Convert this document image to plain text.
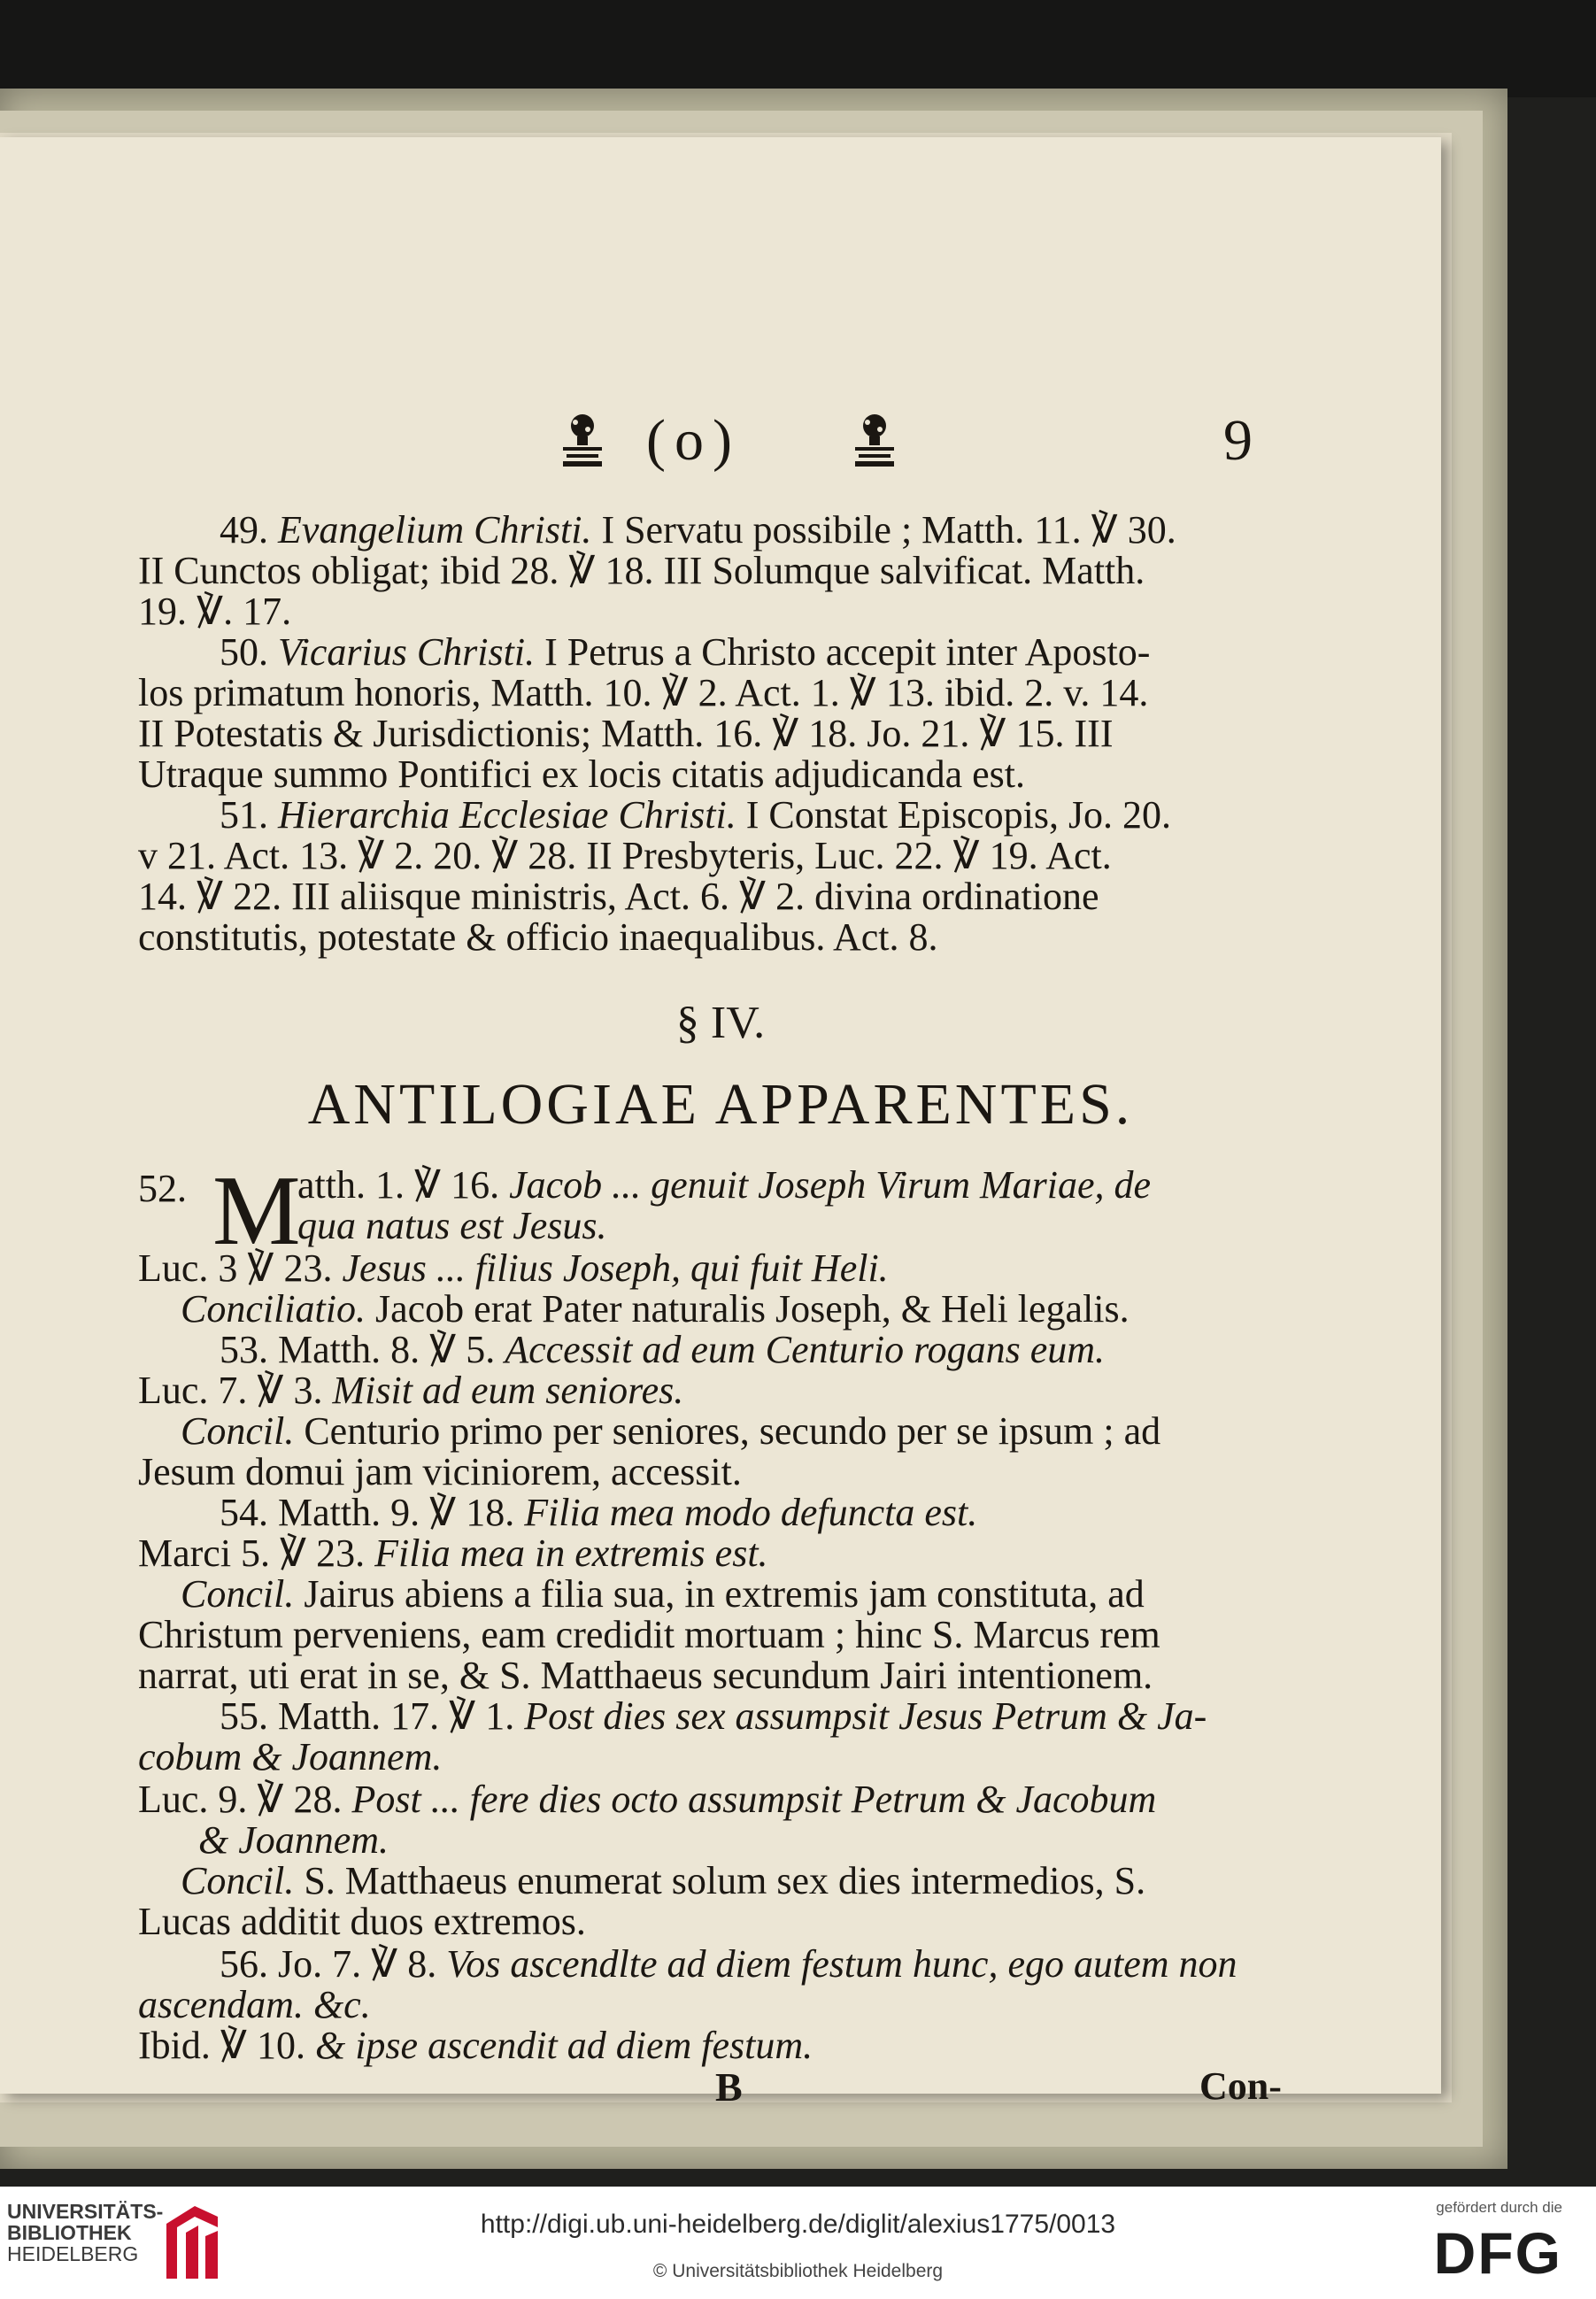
(o)	9
49. Evangelium Christi. I Servatu possibile ; Matth. 11. ℣ 30.
II Cunctos obligat; ibid 28. ℣ 18. III Solumque salvificat. Matth.
19. ℣. 17.
50. Vicarius Christi. I Petrus a Christo accepit inter Aposto-
los primatum honoris, Matth. 10. ℣ 2. Act. 1. ℣ 13. ibid. 2. v. 14.
II Potestatis & Jurisdictionis; Matth. 16. ℣ 18. Jo. 21. ℣ 15. III
Utraque summo Pontifici ex locis citatis adjudicanda est.
51. Hierarchia Ecclesiae Christi. I Constat Episcopis, Jo. 20.
v 21. Act. 13. ℣ 2. 20. ℣ 28. II Presbyteris, Luc. 22. ℣ 19. Act.
14. ℣ 22. III aliisque ministris, Act. 6. ℣ 2. divina ordinatione
constitutis, potestate & officio inaequalibus. Act. 8.
52.	atth. 1. ℣ 16. Jacob ... genuit Joseph Virum Mariae, de
qua natus est Jesus.
Luc. 3 ℣ 23. Jesus ... filius Joseph, qui fuit Heli.
Conciliatio. Jacob erat Pater naturalis Joseph, & Heli legalis.
53. Matth. 8. ℣ 5. Accessit ad eum Centurio rogans eum.
Luc. 7. ℣ 3. Misit ad eum seniores.
Concil. Centurio primo per seniores, secundo per se ipsum ; ad
Jesum domui jam viciniorem, accessit.
54. Matth. 9. ℣ 18. Filia mea modo defuncta est.
Marci 5. ℣ 23. Filia mea in extremis est.
Concil. Jairus abiens a filia sua, in extremis jam constituta, ad
Christum perveniens, eam credidit mortuam ; hinc S. Marcus rem
narrat, uti erat in se, & S. Matthaeus secundum Jairi intentionem.
55. Matth. 17. ℣ 1. Post dies sex assumpsit Jesus Petrum & Ja-
cobum & Joannem.
Luc. 9. ℣ 28. Post ... fere dies octo assumpsit Petrum & Jacobum
& Joannem.
Concil. S. Matthaeus enumerat solum sex dies intermedios, S.
Lucas additit duos extremos.
56. Jo. 7. ℣ 8. Vos ascendlte ad diem festum hunc, ego autem non
ascendam. &c.
Ibid. ℣ 10. & ipse ascendit ad diem festum.
§ IV.
ANTILOGIAE APPARENTES.
M
B	Con-
UNIVERSITÄTS-
BIBLIOTHEK
HEIDELBERG
http://digi.ub.uni-heidelberg.de/diglit/alexius1775/0013
© Universitätsbibliothek Heidelberg
gefördert durch die
DFG
